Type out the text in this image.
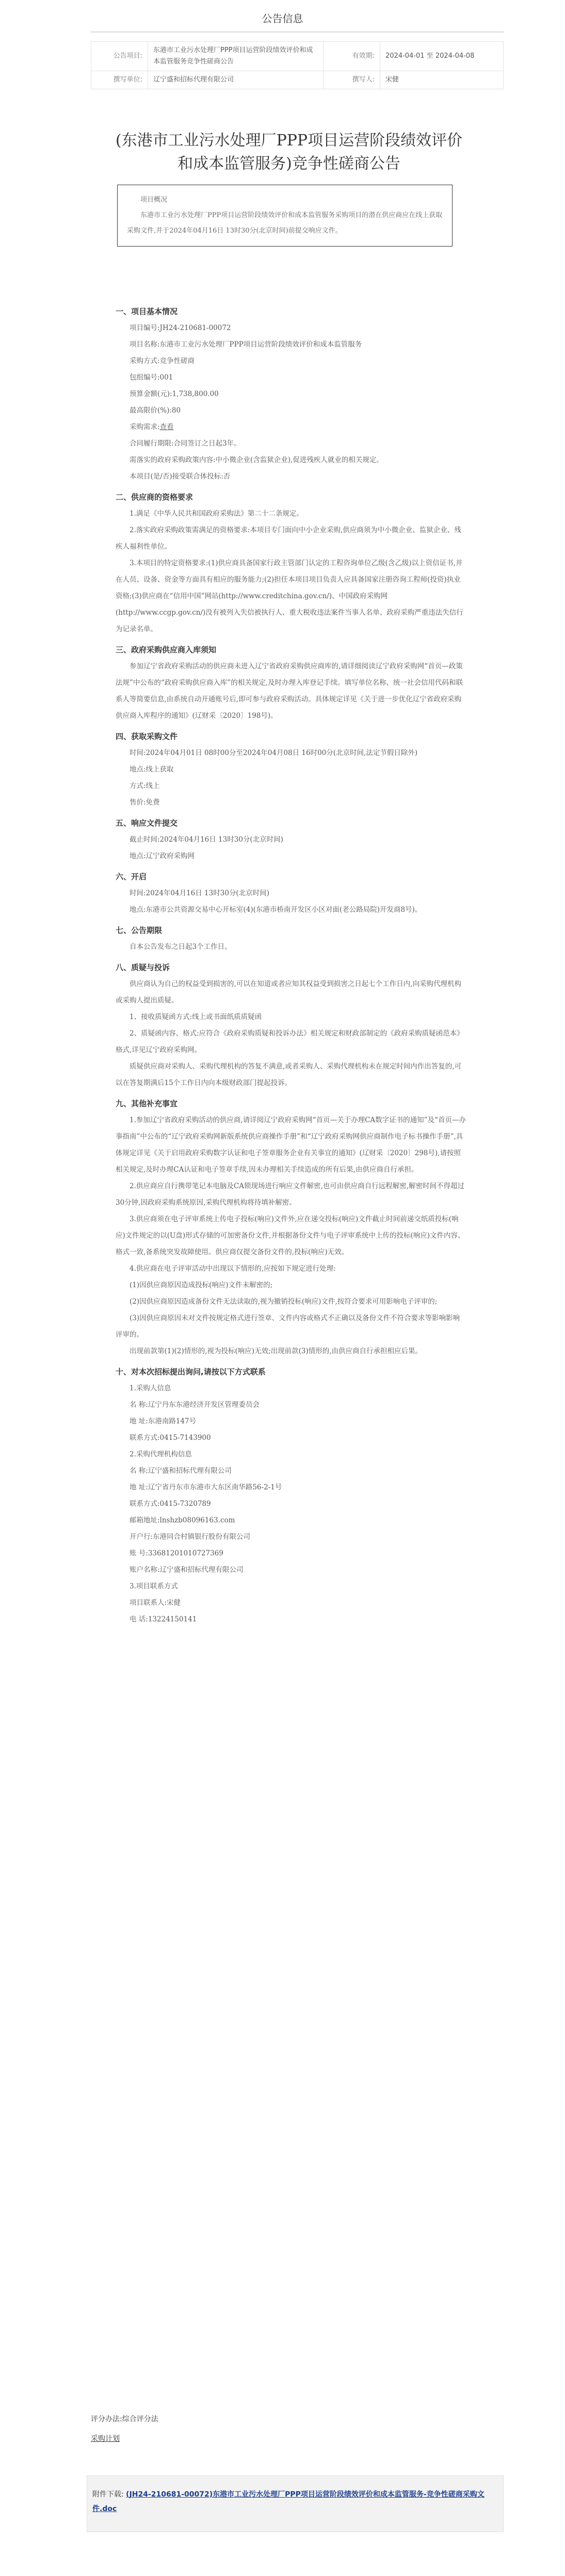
公告信息
公告项目:	东港市工业污水处理厂PPP项目运营阶段绩效评价和成本监管服务竞争性磋商公告	有效期:	2024-04-01 至 2024-04-08
撰写单位:	辽宁盛和招标代理有限公司	撰写人:	宋健
(东港市工业污水处理厂PPP项目运营阶段绩效评价和成本监管服务)竞争性磋商公告

项目概况

东港市工业污水处理厂PPP项目运营阶段绩效评价和成本监管服务采购项目的潜在供应商应在线上获取采购文件,并于2024年04月16日 13时30分(北京时间)前提交响应文件。

一、项目基本情况

项目编号:JH24-210681-00072

项目名称:东港市工业污水处理厂PPP项目运营阶段绩效评价和成本监管服务

采购方式:竞争性磋商

包组编号:001

预算金额(元):1,738,800.00

最高限价(%):80

采购需求:查看

合同履行期限:合同签订之日起3年。

需落实的政府采购政策内容:中小微企业(含监狱企业),促进残疾人就业的相关规定。

本项目(是/否)接受联合体投标:否

二、供应商的资格要求

1.满足《中华人民共和国政府采购法》第二十二条规定。

2.落实政府采购政策需满足的资格要求:本项目专门面向中小企业采购,供应商须为中小微企业、监狱企业、残疾人福利性单位。

3.本项目的特定资格要求:(1)供应商具备国家行政主管部门认定的工程咨询单位乙级(含乙级)以上资信证书,并在人员、设备、资金等方面具有相应的服务能力;(2)担任本项目项目负责人应具备国家注册咨询工程师(投资)执业资格;(3)供应商在“信用中国”网站(http://www.creditchina.gov.cn/)、中国政府采购网(http://www.ccgp.gov.cn/)没有被列入失信被执行人、重大税收违法案件当事人名单、政府采购严重违法失信行为记录名单。

三、政府采购供应商入库须知

参加辽宁省政府采购活动的供应商未进入辽宁省政府采购供应商库的,请详细阅读辽宁政府采购网“首页—政策法规”中公布的“政府采购供应商入库”的相关规定,及时办理入库登记手续。填写单位名称、统一社会信用代码和联系人等简要信息,由系统自动开通账号后,即可参与政府采购活动。具体规定详见《关于进一步优化辽宁省政府采购供应商入库程序的通知》(辽财采〔2020〕198号)。

四、获取采购文件

时间:2024年04月01日 08时00分至2024年04月08日 16时00分(北京时间,法定节假日除外)

地点:线上获取

方式:线上

售价:免费

五、响应文件提交

截止时间:2024年04月16日 13时30分(北京时间)

地点:辽宁政府采购网

六、开启

时间:2024年04月16日 13时30分(北京时间)

地点:东港市公共资源交易中心开标室(4)(东港市桥南开发区小区对面(老公路局院)开发商8号)。

七、公告期限

自本公告发布之日起3个工作日。

八、质疑与投诉

供应商认为自己的权益受到损害的,可以在知道或者应知其权益受到损害之日起七个工作日内,向采购代理机构或采购人提出质疑。

1、接收质疑函方式:线上或书面纸质质疑函

2、质疑函内容、格式:应符合《政府采购质疑和投诉办法》相关规定和财政部制定的《政府采购质疑函范本》格式,详见辽宁政府采购网。

质疑供应商对采购人、采购代理机构的答复不满意,或者采购人、采购代理机构未在规定时间内作出答复的,可以在答复期满后15个工作日内向本级财政部门提起投诉。

九、其他补充事宜

1.参加辽宁省政府采购活动的供应商,请详阅辽宁政府采购网“首页—关于办理CA数字证书的通知”及“首页—办事指南”中公布的“辽宁政府采购网新版系统供应商操作手册”和“辽宁政府采购网供应商制作电子标书操作手册”,具体规定详见《关于启用政府采购数字认证和电子签章服务企业有关事宜的通知》(辽财采〔2020〕298号),请按照相关规定,及时办理CA认证和电子签章手续,因未办理相关手续造成的所有后果,由供应商自行承担。

2.供应商应自行携带笔记本电脑及CA锁现场进行响应文件解密,也可由供应商自行远程解密,解密时间不得超过30分钟,因政府采购系统原因,采购代理机构将待填补解密。

3.供应商须在电子评审系统上传电子投标(响应)文件外,应在递交投标(响应)文件截止时间前递交纸质投标(响应)文件规定的以(U盘)形式存储的可加密备份文件,并根据备份文件与电子评审系统中上传的投标(响应)文件内容、格式一致,备系统突发故障使用。供应商仅提交备份文件的,投标(响应)无效。

4.供应商在电子评审活动中出现以下情形的,应按如下规定进行处理:

(1)因供应商原因造成投标(响应)文件未解密的;

(2)因供应商原因造成备份文件无法读取的,视为撤销投标(响应)文件,按符合要求可用影响电子评审的;

(3)因供应商原因未对文件按规定格式进行签章、文件内容或格式不正确以及备份文件不符合要求等影响影响评审的。

出现前款第(1)(2)情形的,视为投标(响应)无效;出现前款(3)情形的,由供应商自行承担相应后果。

十、对本次招标提出询问,请按以下方式联系

1.采购人信息

名 称:辽宁丹东东港经济开发区管理委员会

地 址:东港南路147号

联系方式:0415-7143900

2.采购代理机构信息

名 称:辽宁盛和招标代理有限公司

地 址:辽宁省丹东市东港市大东区南华路56-2-1号

联系方式:0415-7320789

邮箱地址:lnshzb08096163.com

开户行:东港同合村镇银行股份有限公司

账 号:33681201010727369

账户名称:辽宁盛和招标代理有限公司

3.项目联系方式

项目联系人:宋健

电 话:13224150141

评分办法:综合评分法
采购计划
附件下载: (JH24-210681-00072)东港市工业污水处理厂PPP项目运营阶段绩效评价和成本监管服务-竞争性磋商采购文件.doc
